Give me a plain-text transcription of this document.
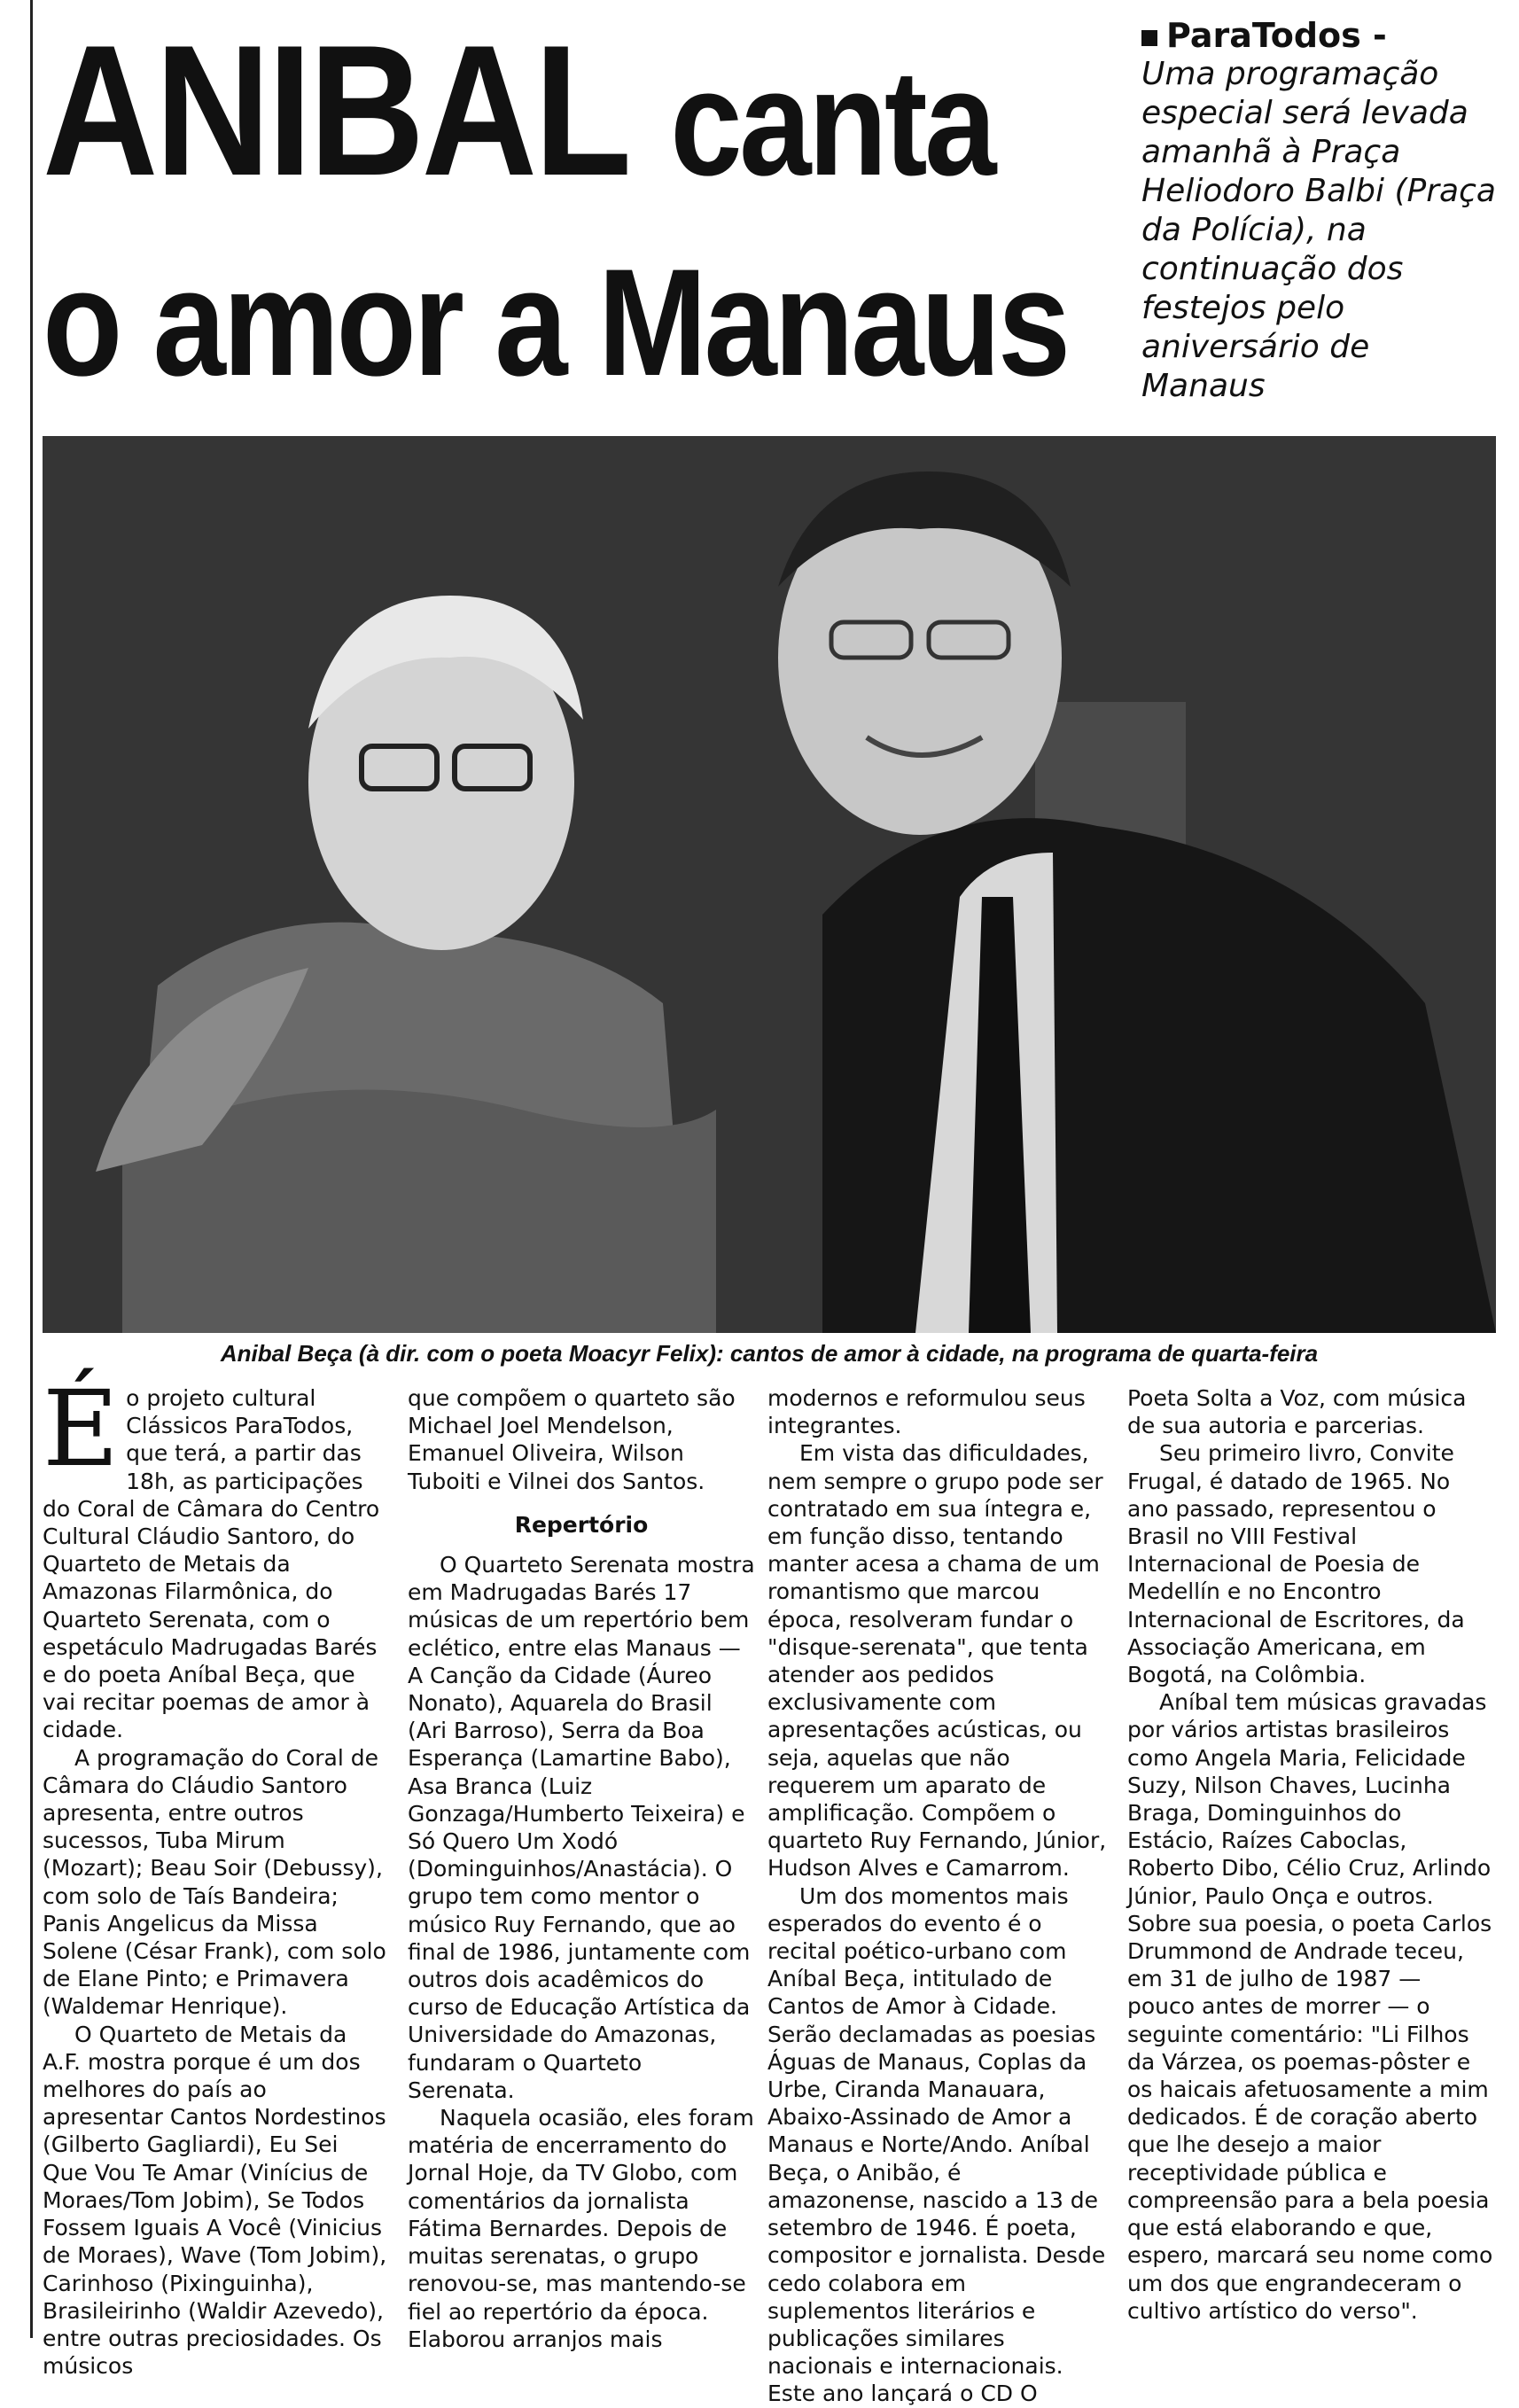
ANIBAL canta
o amor a Manaus
ParaTodos -
Uma programação especial será levada amanhã à Praça Heliodoro Balbi (Praça da Polícia), na continuação dos festejos pelo aniversário de Manaus
Anibal Beça (à dir. com o poeta Moacyr Felix): cantos de amor à cidade, na programa de quarta-feira
É o projeto cultural Clássicos ParaTodos, que terá, a partir das 18h, as participações do Coral de Câmara do Centro Cultural Cláudio Santoro, do Quarteto de Metais da Amazonas Filarmônica, do Quarteto Serenata, com o espetáculo Madrugadas Barés e do poeta Aníbal Beça, que vai recitar poemas de amor à cidade.

A programação do Coral de Câmara do Cláudio Santoro apresenta, entre outros sucessos, Tuba Mirum (Mozart); Beau Soir (Debussy), com solo de Taís Bandeira; Panis Angelicus da Missa Solene (César Frank), com solo de Elane Pinto; e Primavera (Waldemar Henrique).

O Quarteto de Metais da A.F. mostra porque é um dos melhores do país ao apresentar Cantos Nordestinos (Gilberto Gagliardi), Eu Sei Que Vou Te Amar (Vinícius de Moraes/Tom Jobim), Se Todos Fossem Iguais A Você (Vinicius de Moraes), Wave (Tom Jobim), Carinhoso (Pixinguinha), Brasileirinho (Waldir Azevedo), entre outras preciosidades. Os músicos

que compõem o quarteto são Michael Joel Mendelson, Emanuel Oliveira, Wilson Tuboiti e Vilnei dos Santos.

Repertório

O Quarteto Serenata mostra em Madrugadas Barés 17 músicas de um repertório bem eclético, entre elas Manaus — A Canção da Cidade (Áureo Nonato), Aquarela do Brasil (Ari Barroso), Serra da Boa Esperança (Lamartine Babo), Asa Branca (Luiz Gonzaga/Humberto Teixeira) e Só Quero Um Xodó (Dominguinhos/Anastácia). O grupo tem como mentor o músico Ruy Fernando, que ao final de 1986, juntamente com outros dois acadêmicos do curso de Educação Artística da Universidade do Amazonas, fundaram o Quarteto Serenata.

Naquela ocasião, eles foram matéria de encerramento do Jornal Hoje, da TV Globo, com comentários da jornalista Fátima Bernardes. Depois de muitas serenatas, o grupo renovou-se, mas mantendo-se fiel ao repertório da época. Elaborou arranjos mais

modernos e reformulou seus integrantes.

Em vista das dificuldades, nem sempre o grupo pode ser contratado em sua íntegra e, em função disso, tentando manter acesa a chama de um romantismo que marcou época, resolveram fundar o "disque-serenata", que tenta atender aos pedidos exclusivamente com apresentações acústicas, ou seja, aquelas que não requerem um aparato de amplificação. Compõem o quarteto Ruy Fernando, Júnior, Hudson Alves e Camarrom.

Um dos momentos mais esperados do evento é o recital poético-urbano com Aníbal Beça, intitulado de Cantos de Amor à Cidade. Serão declamadas as poesias Águas de Manaus, Coplas da Urbe, Ciranda Manauara, Abaixo-Assinado de Amor a Manaus e Norte/Ando. Aníbal Beça, o Anibão, é amazonense, nascido a 13 de setembro de 1946. É poeta, compositor e jornalista. Desde cedo colabora em suplementos literários e publicações similares nacionais e internacionais. Este ano lançará o CD O

Poeta Solta a Voz, com música de sua autoria e parcerias.

Seu primeiro livro, Convite Frugal, é datado de 1965. No ano passado, representou o Brasil no VIII Festival Internacional de Poesia de Medellín e no Encontro Internacional de Escritores, da Associação Americana, em Bogotá, na Colômbia.

Aníbal tem músicas gravadas por vários artistas brasileiros como Angela Maria, Felicidade Suzy, Nilson Chaves, Lucinha Braga, Dominguinhos do Estácio, Raízes Caboclas, Roberto Dibo, Célio Cruz, Arlindo Júnior, Paulo Onça e outros. Sobre sua poesia, o poeta Carlos Drummond de Andrade teceu, em 31 de julho de 1987 — pouco antes de morrer — o seguinte comentário: "Li Filhos da Várzea, os poemas-pôster e os haicais afetuosamente a mim dedicados. É de coração aberto que lhe desejo a maior receptividade pública e compreensão para a bela poesia que está elaborando e que, espero, marcará seu nome como um dos que engrandeceram o cultivo artístico do verso".
